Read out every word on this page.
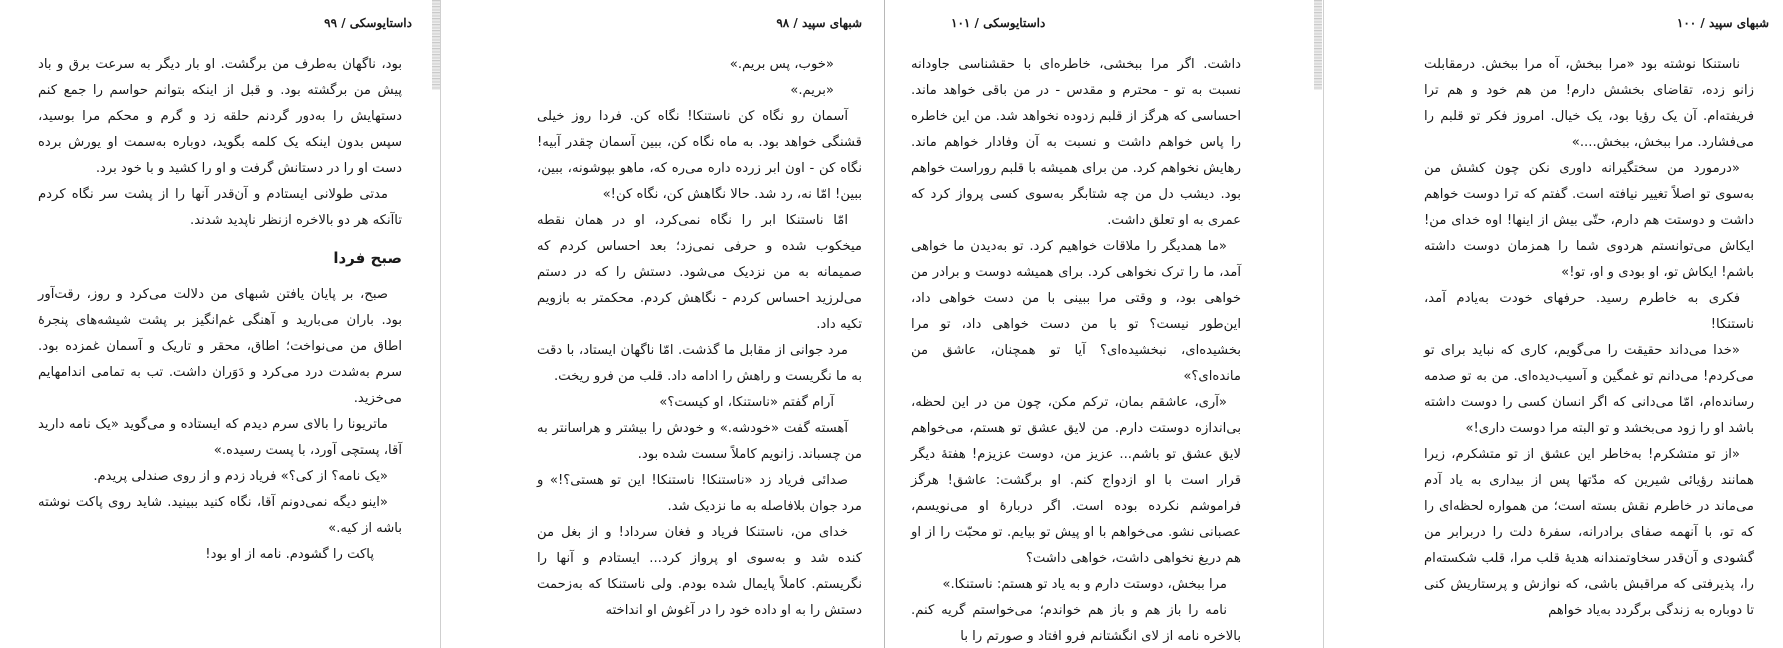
داستایوسکی / ۹۹

بود، ناگهان به‌طرف من برگشت. او بار دیگر به سرعت برق و باد پیش من برگشته بود. و قبل از اینکه بتوانم حواسم را جمع کنم دستهایش را به‌دور گردنم حلقه زد و گرم و محکم مرا بوسید، سپس بدون اینکه یک کلمه بگوید، دوباره به‌سمت او یورش برده دست او را در دستانش گرفت و او را کشید و با خود برد.

مدتی طولانی ایستادم و آن‌قدر آنها را از پشت سر نگاه کردم تاآنکه هر دو بالاخره ازنظر ناپدید شدند.

صبح فردا

صبح، بر پایان یافتن شبهای من دلالت می‌کرد و روز، رقت‌آور بود. باران می‌بارید و آهنگی غم‌انگیز بر پشت شیشه‌های پنجرهٔ اطاق من می‌نواخت؛ اطاق، محقر و تاریک و آسمان غمزده بود. سرم به‌شدت درد می‌کرد و دَوَران داشت. تب به تمامی اندامهایم می‌خزید.

ماتریونا را بالای سرم دیدم که ایستاده و می‌گوید «یک نامه دارید آقا، پستچی آورد، با پست رسیده.»

«یک نامه؟ از کی؟» فریاد زدم و از روی صندلی پریدم.

«اینو دیگه نمی‌دونم آقا، نگاه کنید ببینید. شاید روی پاکت نوشته باشه از کیه.»

پاکت را گشودم. نامه از او بود!

۹۸ / شبهای سپید

«خوب، پس بریم.»

«بریم.»

آسمان رو نگاه کن ناستنکا! نگاه کن. فردا روز خیلی قشنگی خواهد بود. به ماه نگاه کن، ببین آسمان چقدر آبیه! نگاه کن - اون ابر زرده داره می‌ره که، ماهو بپوشونه، ببین، ببین! امّا نه، رد شد. حالا نگاهش کن، نگاه کن!»

امّا ناستنکا ابر را نگاه نمی‌کرد، او در همان نقطه میخکوب شده و حرفی نمی‌زد؛ بعد احساس کردم که صمیمانه به من نزدیک می‌شود. دستش را که در دستم می‌لرزید احساس کردم - نگاهش کردم. محکمتر به بازویم تکیه داد.

مرد جوانی از مقابل ما گذشت. امّا ناگهان ایستاد، با دقت به ما نگریست و راهش را ادامه داد. قلب من فرو ریخت.

آرام گفتم «ناستنکا، او کیست؟»

آهسته گفت «خودشه.» و خودش را بیشتر و هراسانتر به من چسباند. زانویم کاملاً سست شده بود.

صدائی فریاد زد «ناستنکا! ناستنکا! این تو هستی؟!» و مرد جوان بلافاصله به ما نزدیک شد.

خدای من، ناستنکا فریاد و فغان سرداد! و از بغل من کنده شد و به‌سوی او پرواز کرد... ایستادم و آنها را نگریستم. کاملاً پایمال شده بودم. ولی ناستنکا که به‌زحمت دستش را به او داده خود را در آغوش او انداخته

داستایوسکی / ۱۰۱

داشت. اگر مرا ببخشی، خاطره‌ای با حقشناسی جاودانه نسبت به تو - محترم و مقدس - در من باقی خواهد ماند. احساسی که هرگز از قلبم زدوده نخواهد شد. من این خاطره را پاس خواهم داشت و نسبت به آن وفادار خواهم ماند. رهایش نخواهم کرد. من برای همیشه با قلبم روراست خواهم بود. دیشب دل من چه شتابگر به‌سوی کسی پرواز کرد که عمری به او تعلق داشت.

«ما همدیگر را ملاقات خواهیم کرد. تو به‌دیدن ما خواهی آمد، ما را ترک نخواهی کرد. برای همیشه دوست و برادر من خواهی بود، و وقتی مرا ببینی با من دست خواهی داد، این‌طور نیست؟ تو با من دست خواهی داد، تو مرا بخشیده‌ای، نبخشیده‌ای؟ آیا تو همچنان، عاشق من مانده‌ای؟»

«آری، عاشقم بمان، ترکم مکن، چون من در این لحظه، بی‌اندازه دوستت دارم. من لایق عشق تو هستم، می‌خواهم لایق عشق تو باشم... عزیز من، دوست عزیزم! هفتهٔ دیگر قرار است با او ازدواج کنم. او برگشت: عاشق! هرگز فراموشم نکرده بوده است. اگر دربارهٔ او می‌نویسم، عصبانی نشو. می‌خواهم با او پیش تو بیایم. تو محبّت را از او هم دریغ نخواهی داشت، خواهی داشت؟

مرا ببخش، دوستت دارم و به یاد تو هستم: ناستنکا.»

نامه را باز هم و باز هم خواندم؛ می‌خواستم گریه کنم. بالاخره نامه از لای انگشتانم فرو افتاد و صورتم را با

۱۰۰ / شبهای سپید

ناستنکا نوشته بود «مرا ببخش، آه مرا ببخش. درمقابلت زانو زده، تقاضای بخشش دارم! من هم خود و هم ترا فریفته‌ام. آن یک رؤیا بود، یک خیال. امروز فکر تو قلبم را می‌فشارد. مرا ببخش، ببخش....»

«درمورد من سختگیرانه داوری نکن چون کشش من به‌سوی تو اصلاً تغییر نیافته است. گفتم که ترا دوست خواهم داشت و دوستت هم دارم، حتّی بیش از اینها! اوه خدای من! ایکاش می‌توانستم هردوی شما را همزمان دوست داشته باشم! ایکاش تو، او بودی و او، تو!»

فکری به خاطرم رسید. حرفهای خودت به‌یادم آمد، ناستنکا!

«خدا می‌داند حقیقت را می‌گویم، کاری که نباید برای تو می‌کردم! می‌دانم تو غمگین و آسیب‌دیده‌ای. من به تو صدمه رسانده‌ام، امّا می‌دانی که اگر انسان کسی را دوست داشته باشد او را زود می‌بخشد و تو البته مرا دوست داری!»

«از تو متشکرم! به‌خاطر این عشق از تو متشکرم، زیرا همانند رؤیائی شیرین که مدّتها پس از بیداری به یاد آدم می‌ماند در خاطرم نقش بسته است؛ من همواره لحظه‌ای را که تو، با آنهمه صفای برادرانه، سفرهٔ دلت را دربرابر من گشودی و آن‌قدر سخاوتمندانه هدیهٔ قلب مرا، قلب شکسته‌ام را، پذیرفتی که مراقبش باشی، که نوازش و پرستاریش کنی تا دوباره به زندگی برگردد به‌یاد خواهم
